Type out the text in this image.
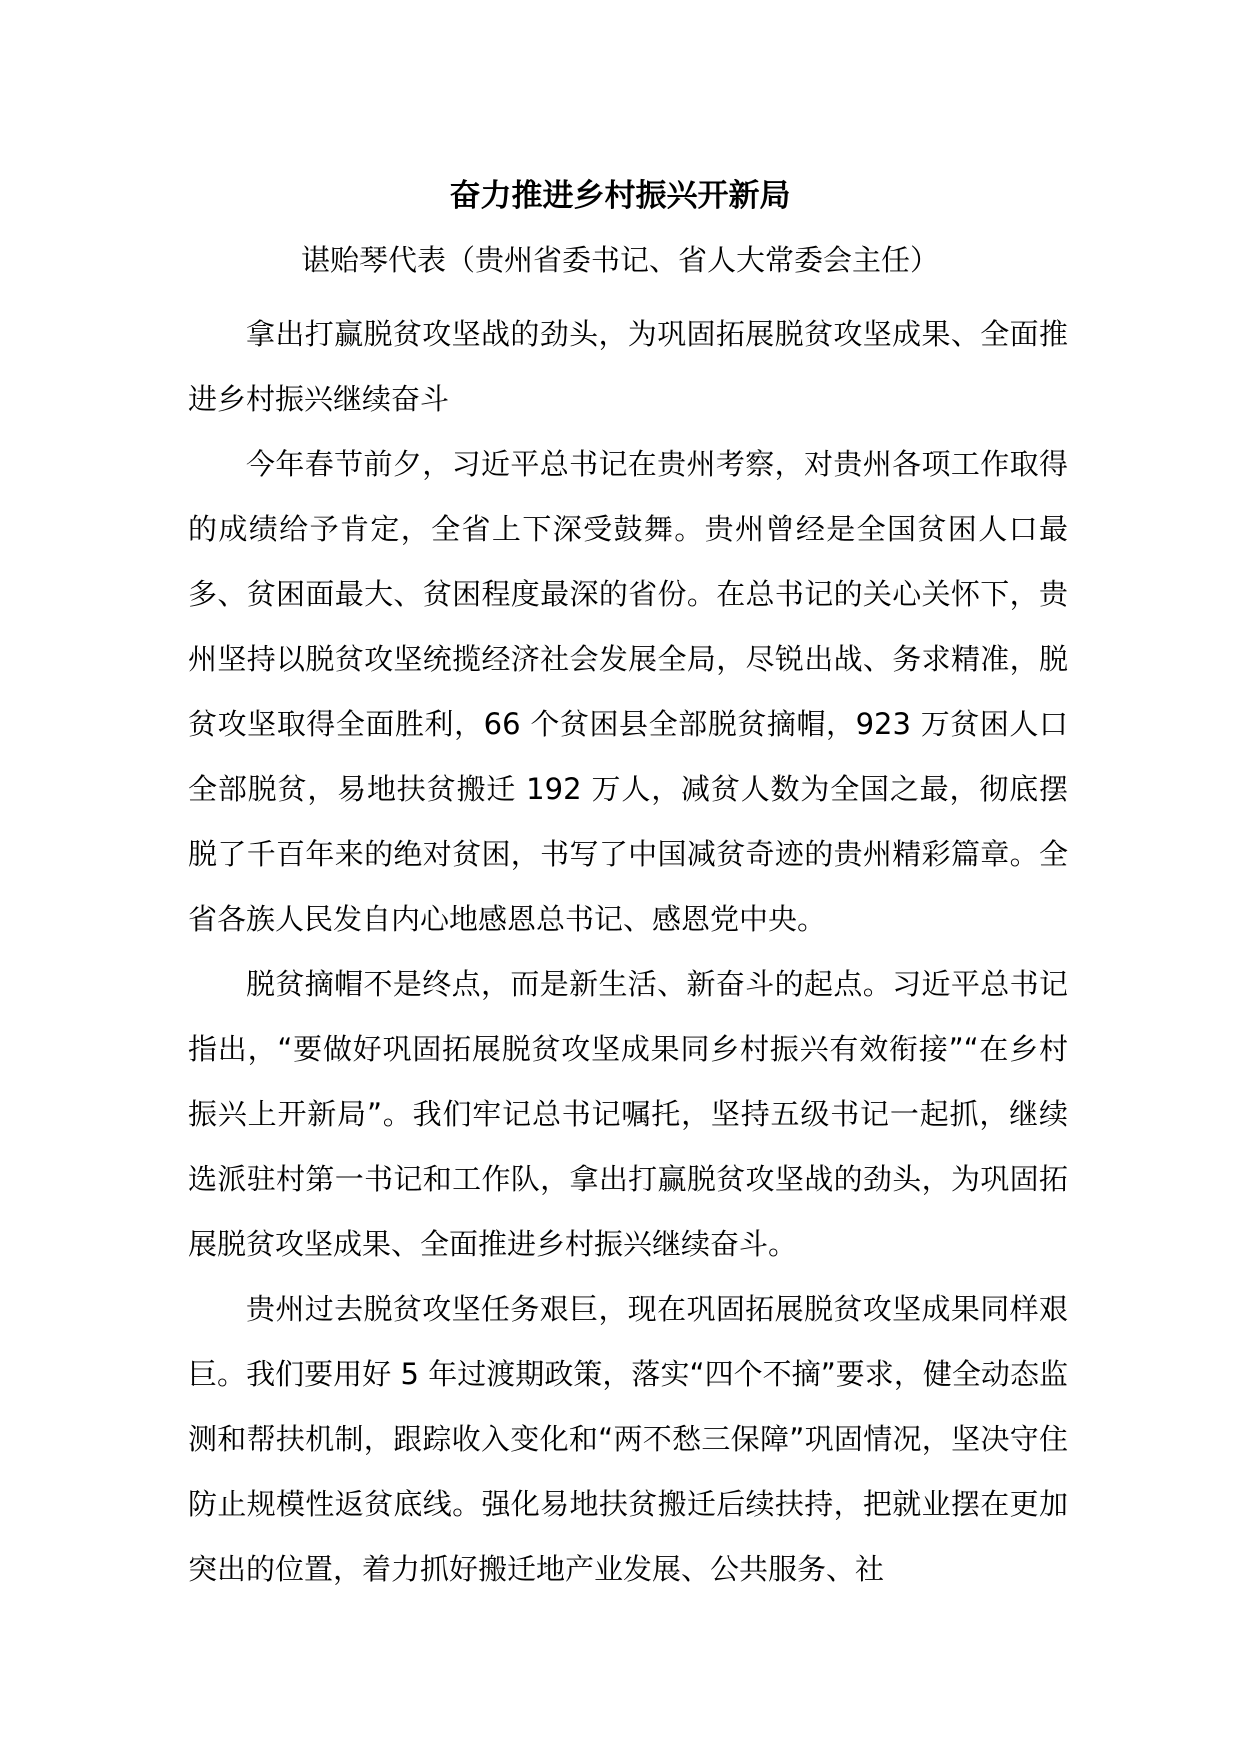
奋力推进乡村振兴开新局
谌贻琴代表（贵州省委书记、省人大常委会主任）

拿出打赢脱贫攻坚战的劲头，为巩固拓展脱贫攻坚成果、全面推进乡村振兴继续奋斗

今年春节前夕，习近平总书记在贵州考察，对贵州各项工作取得的成绩给予肯定，全省上下深受鼓舞。贵州曾经是全国贫困人口最多、贫困面最大、贫困程度最深的省份。在总书记的关心关怀下，贵州坚持以脱贫攻坚统揽经济社会发展全局，尽锐出战、务求精准，脱贫攻坚取得全面胜利，66 个贫困县全部脱贫摘帽，923 万贫困人口全部脱贫，易地扶贫搬迁 192 万人，减贫人数为全国之最，彻底摆脱了千百年来的绝对贫困，书写了中国减贫奇迹的贵州精彩篇章。全省各族人民发自内心地感恩总书记、感恩党中央。

脱贫摘帽不是终点，而是新生活、新奋斗的起点。习近平总书记指出，“要做好巩固拓展脱贫攻坚成果同乡村振兴有效衔接”“在乡村振兴上开新局”。我们牢记总书记嘱托，坚持五级书记一起抓，继续选派驻村第一书记和工作队，拿出打赢脱贫攻坚战的劲头，为巩固拓展脱贫攻坚成果、全面推进乡村振兴继续奋斗。

贵州过去脱贫攻坚任务艰巨，现在巩固拓展脱贫攻坚成果同样艰巨。我们要用好 5 年过渡期政策，落实“四个不摘”要求，健全动态监测和帮扶机制，跟踪收入变化和“两不愁三保障”巩固情况，坚决守住防止规模性返贫底线。强化易地扶贫搬迁后续扶持，把就业摆在更加突出的位置，着力抓好搬迁地产业发展、公共服务、社
